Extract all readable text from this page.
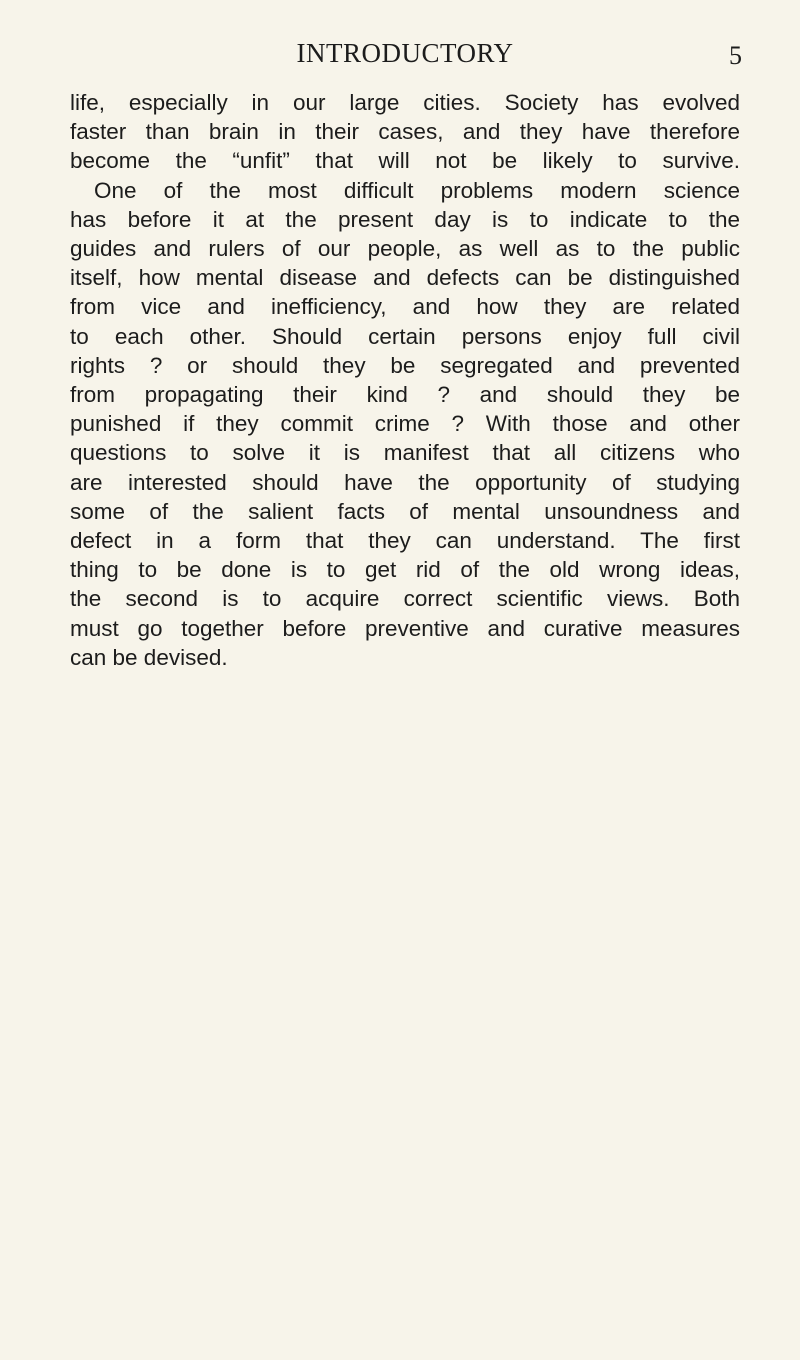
INTRODUCTORY	5
life, especially in our large cities. Society has evolved
faster than brain in their cases, and they have therefore
become the “unfit” that will not be likely to survive.
One of the most difficult problems modern science
has before it at the present day is to indicate to the
guides and rulers of our people, as well as to the public
itself, how mental disease and defects can be distinguished
from vice and inefficiency, and how they are related
to each other. Should certain persons enjoy full civil
rights ? or should they be segregated and prevented
from propagating their kind ? and should they be
punished if they commit crime ? With those and other
questions to solve it is manifest that all citizens who
are interested should have the opportunity of studying
some of the salient facts of mental unsoundness and
defect in a form that they can understand. The first
thing to be done is to get rid of the old wrong ideas,
the second is to acquire correct scientific views. Both
must go together before preventive and curative measures
can be devised.
